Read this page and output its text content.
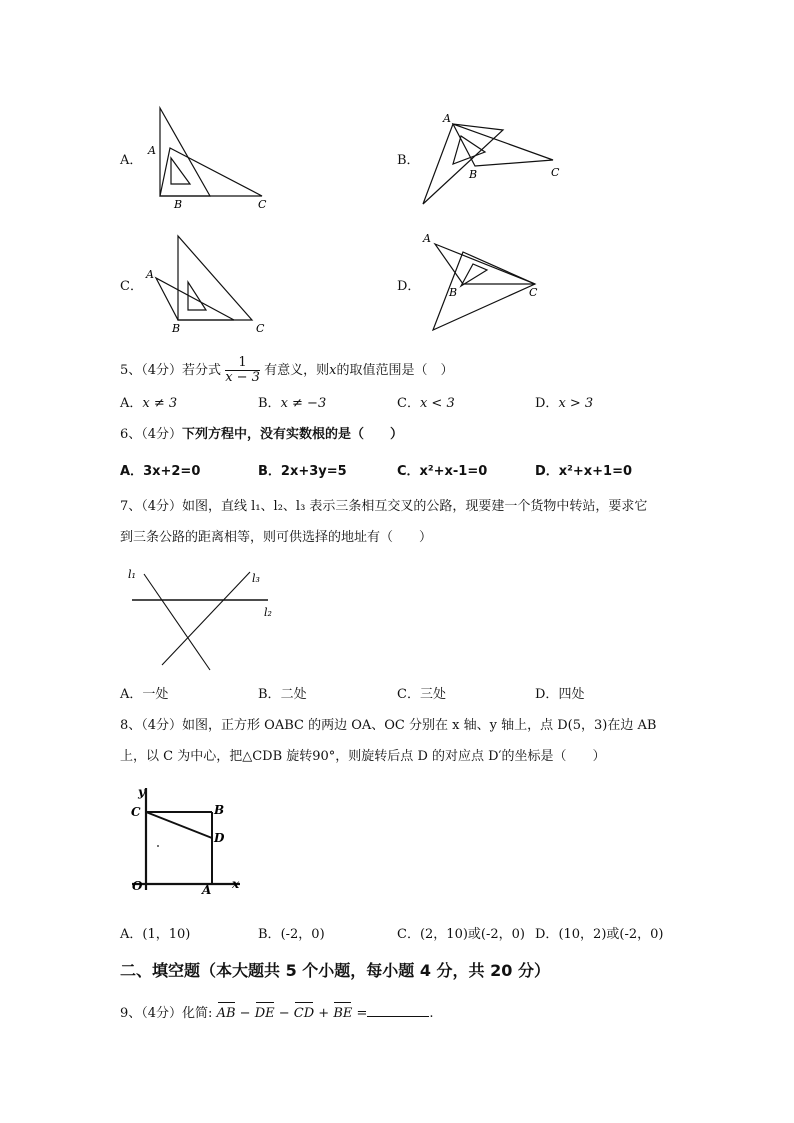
A．
A
B	C
B．
A
B	C
C．
A
B	C
D．
A
B	C
5、（4分）若分式 $\frac{1}{x - 3}$ 有意义，则x的取值范围是（　）
A．x ≠ 3	B．x ≠ −3	C．x < 3	D．x > 3
6、（4分）下列方程中，没有实数根的是（　　）
A．3x+2=0	B．2x+3y=5	C．x²+x-1=0	D．x²+x+1=0
7、（4分）如图，直线 l₁、l₂、l₃ 表示三条相互交叉的公路，现要建一个货物中转站，要求它
到三条公路的距离相等，则可供选择的地址有（　　）
l₁	l₃
l₂
A．一处	B．二处	C．三处	D．四处
8、（4分）如图，正方形 OABC 的两边 OA、OC 分别在 x 轴、y 轴上，点 D(5，3)在边 AB
上，以 C 为中心，把△CDB 旋转90°，则旋转后点 D 的对应点 D′的坐标是（　　）
y
x
O	A
B
C
D
A．(1，10)	B．(-2，0)	C．(2，10)或(-2，0) D．(10，2)或(-2，0)
二、填空题（本大题共 5 个小题，每小题 4 分，共 20 分）
9、（4分）化简: AB − DE − CD + BE =	.
